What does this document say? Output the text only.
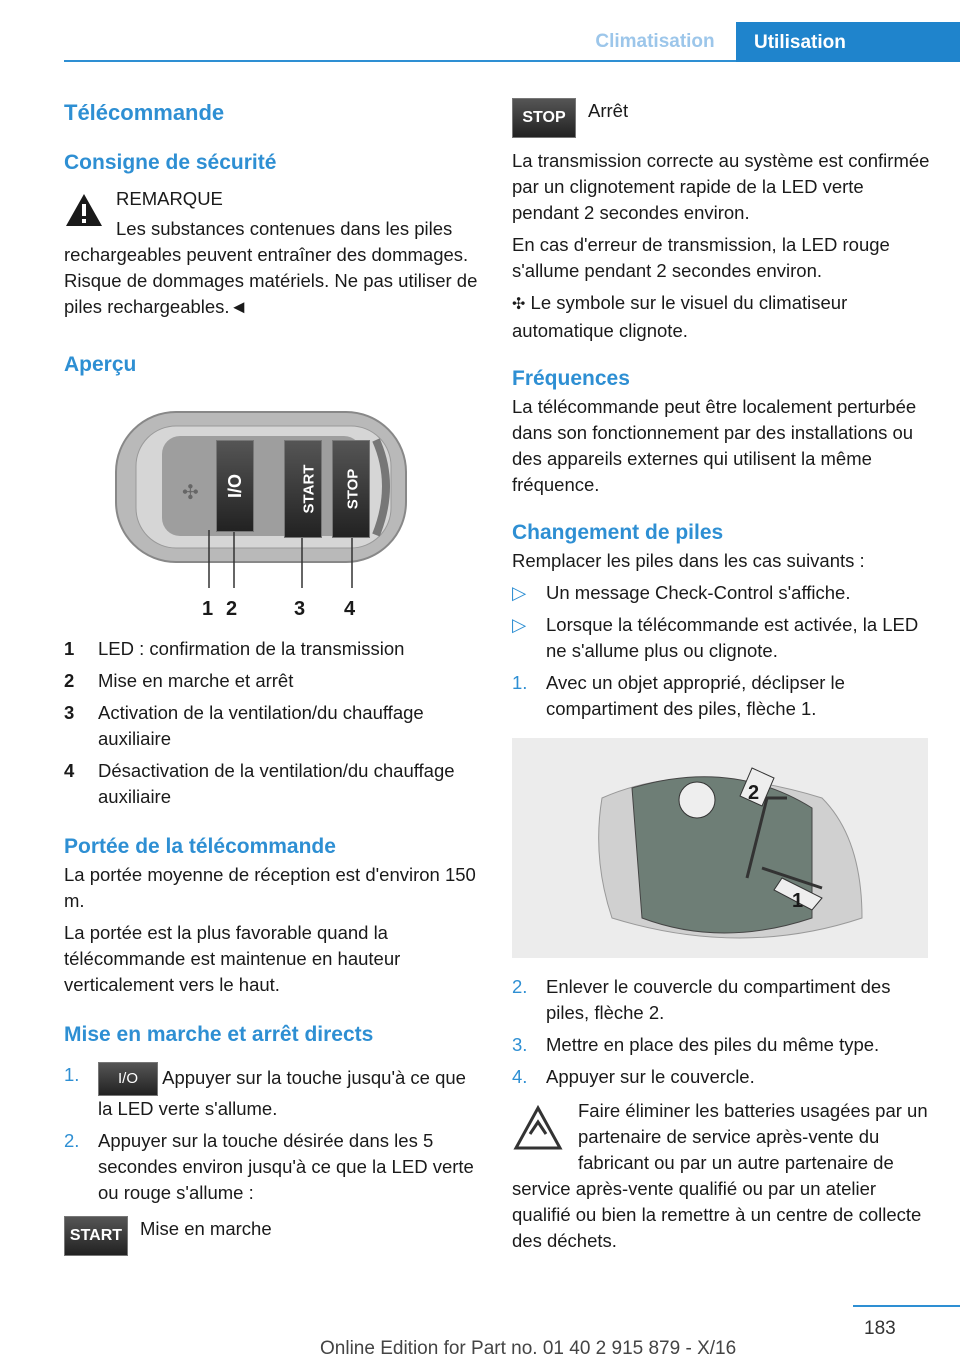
Climatisation	Utilisation
Télécommande
Consigne de sécurité

REMARQUE

Les substances contenues dans les piles rechargeables peuvent entraîner des dommages. Risque de dommages matériels. Ne pas utiliser de piles rechargeables.◄

Aperçu
I/O	START	STOP
✣
1 2	3 4
1	LED : confirmation de la transmission
2	Mise en marche et arrêt
3	Activation de la ventilation/du chauffage auxiliaire
4	Désactivation de la ventilation/du chauffage auxiliaire
Portée de la télécommande

La portée moyenne de réception est d'environ 150 m.

La portée est la plus favorable quand la télécommande est maintenue en hauteur verticalement vers le haut.

Mise en marche et arrêt directs
1.	I/O Appuyer sur la touche jusqu'à ce que la LED verte s'allume.
2.	Appuyer sur la touche désirée dans les 5 secondes environ jusqu'à ce que la LED verte ou rouge s'allume :
START Mise en marche
STOP	Arrêt

La transmission correcte au système est confirmée par un clignotement rapide de la LED verte pendant 2 secondes environ.

En cas d'erreur de transmission, la LED rouge s'allume pendant 2 secondes environ.

✣ Le symbole sur le visuel du climatiseur automatique clignote.

Fréquences

La télécommande peut être localement perturbée dans son fonctionnement par des installations ou des appareils externes qui utilisent la même fréquence.

Changement de piles

Remplacer les piles dans les cas suivants :

▷	Un message Check-Control s'affiche.
▷	Lorsque la télécommande est activée, la LED ne s'allume plus ou clignote.
1.	Avec un objet approprié, déclipser le compartiment des piles, flèche 1.
2
1
2.	Enlever le couvercle du compartiment des piles, flèche 2.
3.	Mettre en place des piles du même type.
4.	Appuyer sur le couvercle.

Faire éliminer les batteries usagées par un partenaire de service après-vente du fabricant ou par un autre partenaire de service après-vente qualifié ou par un atelier qualifié ou bien la remettre à un centre de collecte des déchets.

183
Online Edition for Part no. 01 40 2 915 879 - X/16
